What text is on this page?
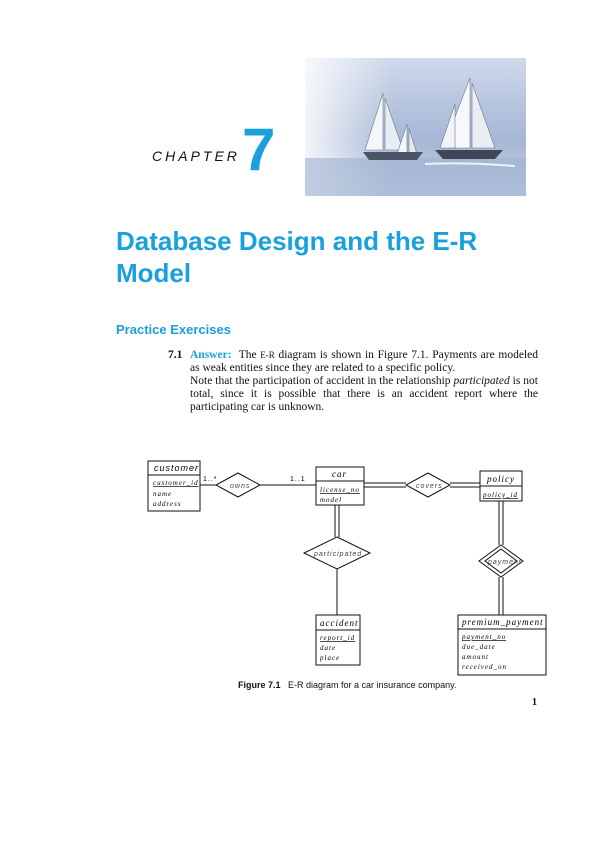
CHAPTER 7
Database Design and the E-R Model
Practice Exercises
7.1 Answer: The E-R diagram is shown in Figure 7.1. Payments are modeled as weak entities since they are related to a specific policy.
Note that the participation of accident in the relationship participated is not total, since it is possible that there is an accident report where the participating car is unknown.
customer
customer_id
name
address
car
license_no
model
policy
policy_id
accident
report_id
date
place
premium_payment
payment_no
due_date
amount
received_on
owns	covers
participated
payment
1..*	1..1
Figure 7.1 E-R diagram for a car insurance company.
1
